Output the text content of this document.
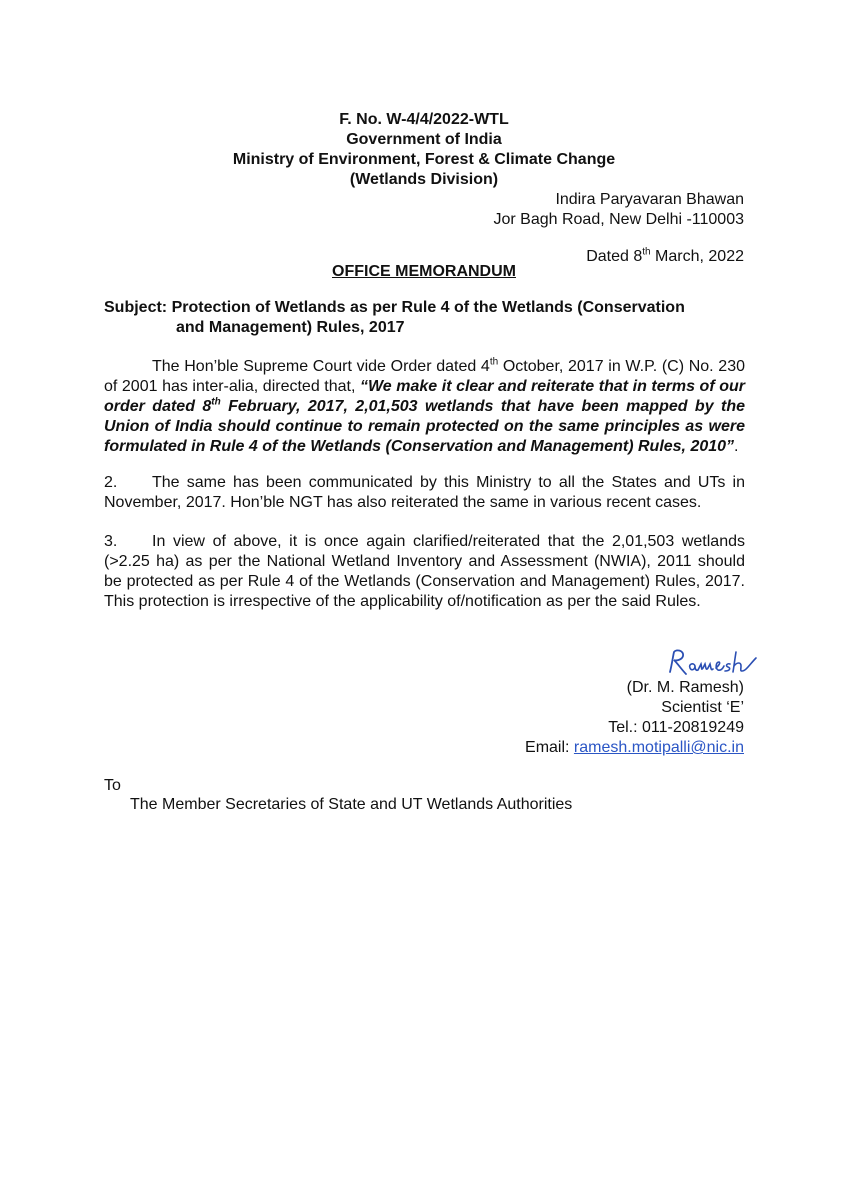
F. No. W-4/4/2022-WTL
Government of India
Ministry of Environment, Forest & Climate Change
(Wetlands Division)
Indira Paryavaran Bhawan
Jor Bagh Road, New Delhi -110003
Dated 8th March, 2022
OFFICE MEMORANDUM
Subject: Protection of Wetlands as per Rule 4 of the Wetlands (Conservation
and Management) Rules, 2017
The Hon’ble Supreme Court vide Order dated 4th October, 2017 in W.P. (C) No. 230 of 2001 has inter-alia, directed that, “We make it clear and reiterate that in terms of our order dated 8th February, 2017, 2,01,503 wetlands that have been mapped by the Union of India should continue to remain protected on the same principles as were formulated in Rule 4 of the Wetlands (Conservation and Management) Rules, 2010”.
2. The same has been communicated by this Ministry to all the States and UTs in November, 2017. Hon’ble NGT has also reiterated the same in various recent cases.
3. In view of above, it is once again clarified/reiterated that the 2,01,503 wetlands (>2.25 ha) as per the National Wetland Inventory and Assessment (NWIA), 2011 should be protected as per Rule 4 of the Wetlands (Conservation and Management) Rules, 2017. This protection is irrespective of the applicability of/notification as per the said Rules.
(Dr. M. Ramesh)
Scientist ‘E’
Tel.: 011-20819249
Email: ramesh.motipalli@nic.in
To
The Member Secretaries of State and UT Wetlands Authorities
